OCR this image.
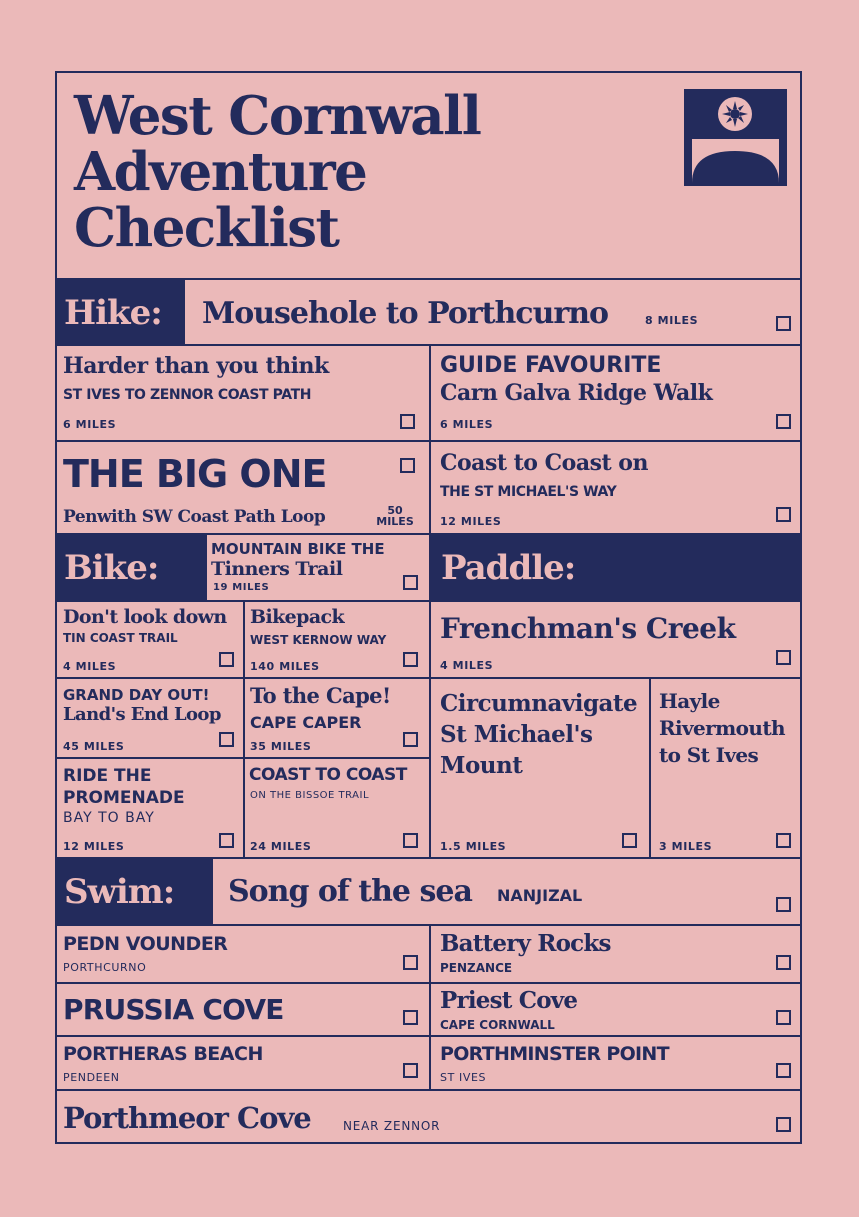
West Cornwall
Adventure
Checklist
Hike:
Bike:	Paddle:
Swim:
Mousehole to Porthcurno	8 MILES
Harder than you think
ST IVES TO ZENNOR COAST PATH
6 MILES
GUIDE FAVOURITE
Carn Galva Ridge Walk
6 MILES
THE BIG ONE
Penwith SW Coast Path Loop	50
MILES
Coast to Coast on
THE ST MICHAEL'S WAY
12 MILES
MOUNTAIN BIKE THE
Tinners Trail
19 MILES
Don't look down
TIN COAST TRAIL
4 MILES
Bikepack
WEST KERNOW WAY
140 MILES
GRAND DAY OUT!
Land's End Loop
45 MILES
To the Cape!
CAPE CAPER
35 MILES
RIDE THE
PROMENADE
BAY TO BAY
12 MILES
COAST TO COAST
ON THE BISSOE TRAIL
24 MILES
Frenchman's Creek
4 MILES
Circumnavigate
St Michael's
Mount
1.5 MILES
Hayle
Rivermouth
to St Ives
3 MILES
Song of the sea NANJIZAL
PEDN VOUNDER
PORTHCURNO
Battery Rocks
PENZANCE
PRUSSIA COVE	Priest Cove
CAPE CORNWALL
PORTHERAS BEACH
PENDEEN
PORTHMINSTER POINT
ST IVES
Porthmeor Cove	NEAR ZENNOR
